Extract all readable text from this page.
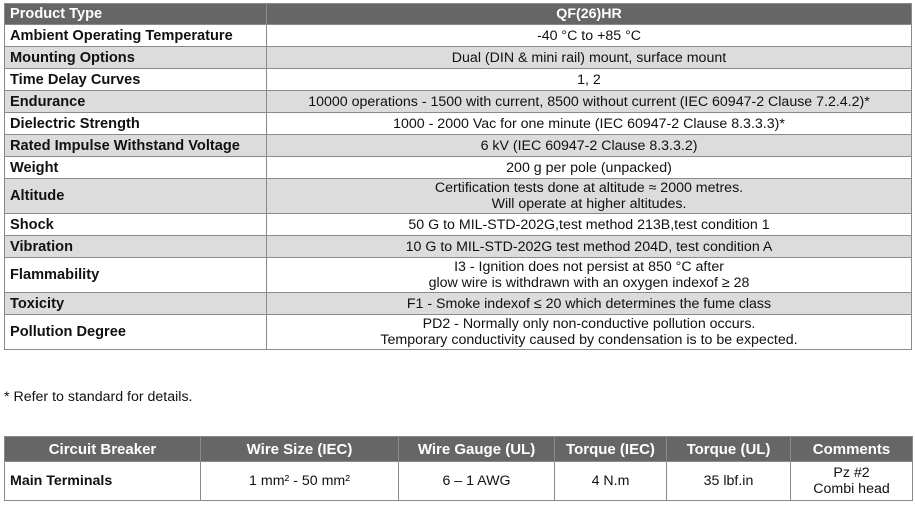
Product Type	QF(26)HR
Ambient Operating Temperature	-40 °C to +85 °C

Mounting Options	Dual (DIN & mini rail) mount, surface mount

Time Delay Curves	1, 2

Endurance	10000 operations - 1500 with current, 8500 without current (IEC 60947-2 Clause 7.2.4.2)*

Dielectric Strength	1000 - 2000 Vac for one minute (IEC 60947-2 Clause 8.3.3.3)*

Rated Impulse Withstand Voltage	6 kV (IEC 60947-2 Clause 8.3.3.2)

Weight	200 g per pole (unpacked)

Altitude	Certification tests done at altitude ≈ 2000 metres.
Will operate at higher altitudes.

Shock	50 G to MIL-STD-202G,test method 213B,test condition 1

Vibration	10 G to MIL-STD-202G test method 204D, test condition A

Flammability	I3 - Ignition does not persist at 850 °C after
glow wire is withdrawn with an oxygen indexof ≥ 28

Toxicity	F1 - Smoke indexof ≤ 20 which determines the fume class

Pollution Degree	PD2 - Normally only non-conductive pollution occurs.
Temporary conductivity caused by condensation is to be expected.
* Refer to standard for details.
Circuit Breaker	Wire Size (IEC)	Wire Gauge (UL)	Torque (IEC)	Torque (UL)	Comments
Main Terminals	1 mm² - 50 mm²	6 – 1 AWG	4 N.m	35 lbf.in	Pz #2
Combi head
